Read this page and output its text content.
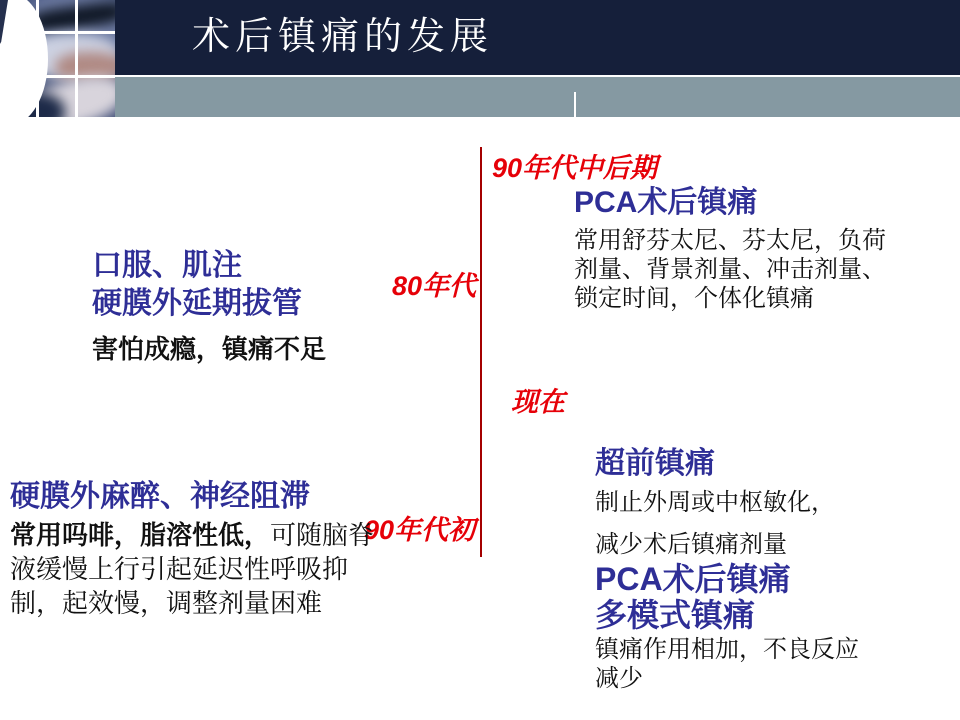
术后镇痛的发展
90年代中后期
80年代
现在
90年代初
口服、肌注
硬膜外延期拔管
害怕成瘾，镇痛不足
PCA术后镇痛
常用舒芬太尼、芬太尼，负荷剂量、背景剂量、冲击剂量、锁定时间，个体化镇痛
硬膜外麻醉、神经阻滞
常用吗啡，脂溶性低，可随脑脊液缓慢上行引起延迟性呼吸抑制，起效慢，调整剂量困难
超前镇痛
制止外周或中枢敏化，
减少术后镇痛剂量
PCA术后镇痛
多模式镇痛
镇痛作用相加，不良反应减少
